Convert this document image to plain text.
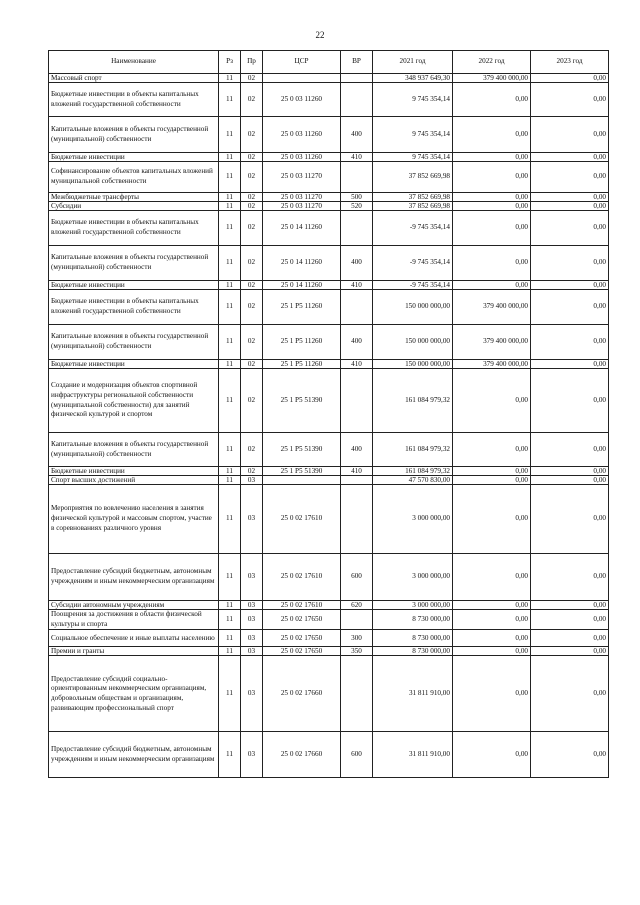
22
Наименование	Рз	Пр	ЦСР	ВР	2021 год	2022 год	2023 год
Массовый спорт	11	02			348 937 649,30	379 400 000,00	0,00
Бюджетные инвестиции в объекты капитальных вложений государственной собственности	11	02	25 0 03 11260		9 745 354,14	0,00	0,00
Капитальные вложения в объекты государственной (муниципальной) собственности	11	02	25 0 03 11260	400	9 745 354,14	0,00	0,00
Бюджетные инвестиции	11	02	25 0 03 11260	410	9 745 354,14	0,00	0,00
Софинансирование объектов капитальных вложений муниципальной собственности	11	02	25 0 03 11270		37 852 669,98	0,00	0,00
Межбюджетные трансферты	11	02	25 0 03 11270	500	37 852 669,98	0,00	0,00
Субсидии	11	02	25 0 03 11270	520	37 852 669,98	0,00	0,00
Бюджетные инвестиции в объекты капитальных вложений государственной собственности	11	02	25 0 14 11260		-9 745 354,14	0,00	0,00
Капитальные вложения в объекты государственной (муниципальной) собственности	11	02	25 0 14 11260	400	-9 745 354,14	0,00	0,00
Бюджетные инвестиции	11	02	25 0 14 11260	410	-9 745 354,14	0,00	0,00
Бюджетные инвестиции в объекты капитальных вложений государственной собственности	11	02	25 1 P5 11260		150 000 000,00	379 400 000,00	0,00
Капитальные вложения в объекты государственной (муниципальной) собственности	11	02	25 1 P5 11260	400	150 000 000,00	379 400 000,00	0,00
Бюджетные инвестиции	11	02	25 1 P5 11260	410	150 000 000,00	379 400 000,00	0,00
Создание и модернизация объектов спортивной инфраструктуры региональной собственности (муниципальной собственности) для занятий физической культурой и спортом	11	02	25 1 P5 51390		161 084 979,32	0,00	0,00
Капитальные вложения в объекты государственной (муниципальной) собственности	11	02	25 1 P5 51390	400	161 084 979,32	0,00	0,00
Бюджетные инвестиции	11	02	25 1 P5 51390	410	161 084 979,32	0,00	0,00
Спорт высших достижений	11	03			47 570 830,00	0,00	0,00
Мероприятия по вовлечению населения в занятия физической культурой и массовым спортом, участие в соревнованиях различного уровня	11	03	25 0 02 17610		3 000 000,00	0,00	0,00
Предоставление субсидий бюджетным, автономным учреждениям и иным некоммерческим организациям	11	03	25 0 02 17610	600	3 000 000,00	0,00	0,00
Субсидии автономным учреждениям	11	03	25 0 02 17610	620	3 000 000,00	0,00	0,00
Поощрения за достижения в области физической культуры и спорта	11	03	25 0 02 17650		8 730 000,00	0,00	0,00
Социальное обеспечение и иные выплаты населению	11	03	25 0 02 17650	300	8 730 000,00	0,00	0,00
Премии и гранты	11	03	25 0 02 17650	350	8 730 000,00	0,00	0,00
Предоставление субсидий социально-ориентированным некоммерческим организациям, добровольным обществам и организациям, развивающим профессиональный спорт	11	03	25 0 02 17660		31 811 910,00	0,00	0,00
Предоставление субсидий бюджетным, автономным учреждениям и иным некоммерческим организациям	11	03	25 0 02 17660	600	31 811 910,00	0,00	0,00
